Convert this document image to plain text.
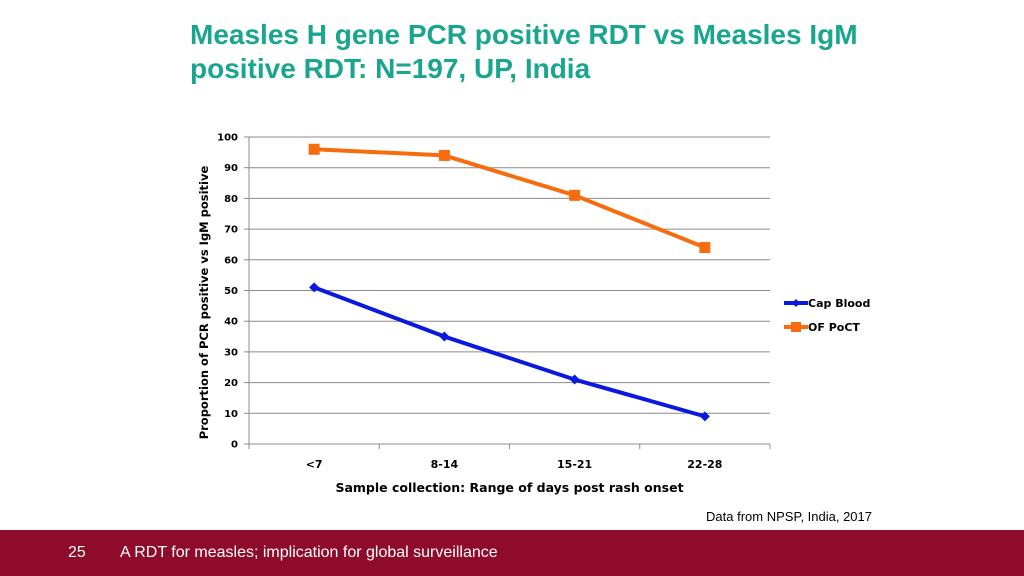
Measles H gene PCR positive RDT vs Measles IgM positive RDT: N=197, UP, India
0
10
20
30
40
50
60
70
80
90
100
<7	8-14	15-21	22-28
Sample collection: Range of days post rash onset
Proportion of PCR positive vs IgM positive	Cap Blood
OF PoCT
Data from NPSP, India, 2017
25 A RDT for measles; implication for global surveillance
